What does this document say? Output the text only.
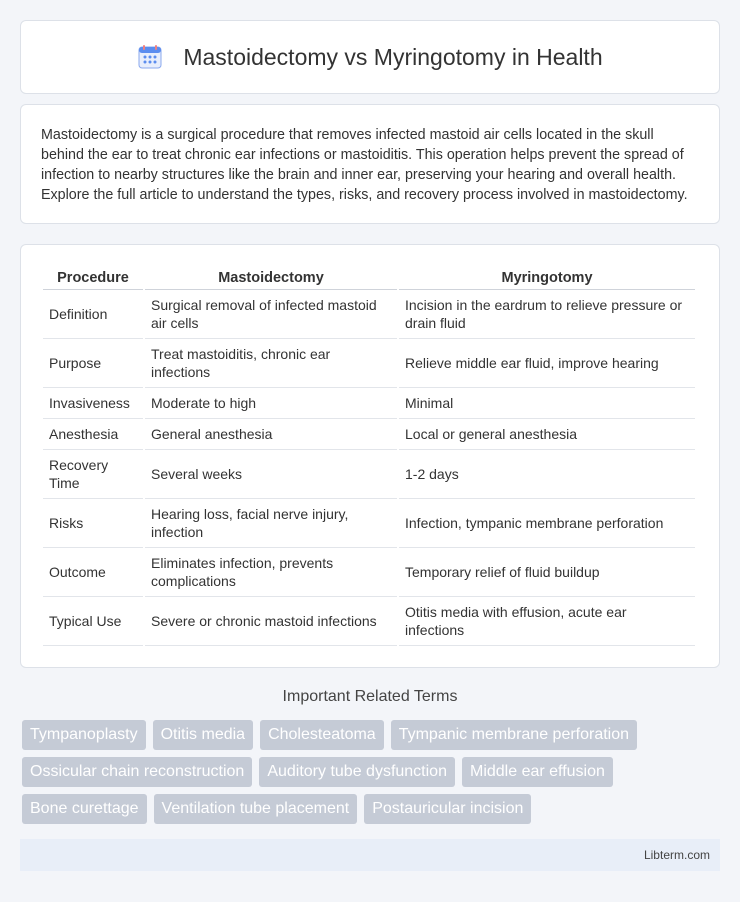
Mastoidectomy vs Myringotomy in Health

Mastoidectomy is a surgical procedure that removes infected mastoid air cells located in the skull behind the ear to treat chronic ear infections or mastoiditis. This operation helps prevent the spread of infection to nearby structures like the brain and inner ear, preserving your hearing and overall health. Explore the full article to understand the types, risks, and recovery process involved in mastoidectomy.

Procedure	Mastoidectomy	Myringotomy
Definition	Surgical removal of infected mastoid air cells	Incision in the eardrum to relieve pressure or drain fluid
Purpose	Treat mastoiditis, chronic ear infections	Relieve middle ear fluid, improve hearing
Invasiveness	Moderate to high	Minimal
Anesthesia	General anesthesia	Local or general anesthesia
Recovery Time	Several weeks	1-2 days
Risks	Hearing loss, facial nerve injury, infection	Infection, tympanic membrane perforation
Outcome	Eliminates infection, prevents complications	Temporary relief of fluid buildup
Typical Use	Severe or chronic mastoid infections	Otitis media with effusion, acute ear infections
Important Related Terms
Tympanoplasty	Otitis media	Cholesteatoma	Tympanic membrane perforation
Ossicular chain reconstruction	Auditory tube dysfunction	Middle ear effusion
Bone curettage	Ventilation tube placement	Postauricular incision
Libterm.com
